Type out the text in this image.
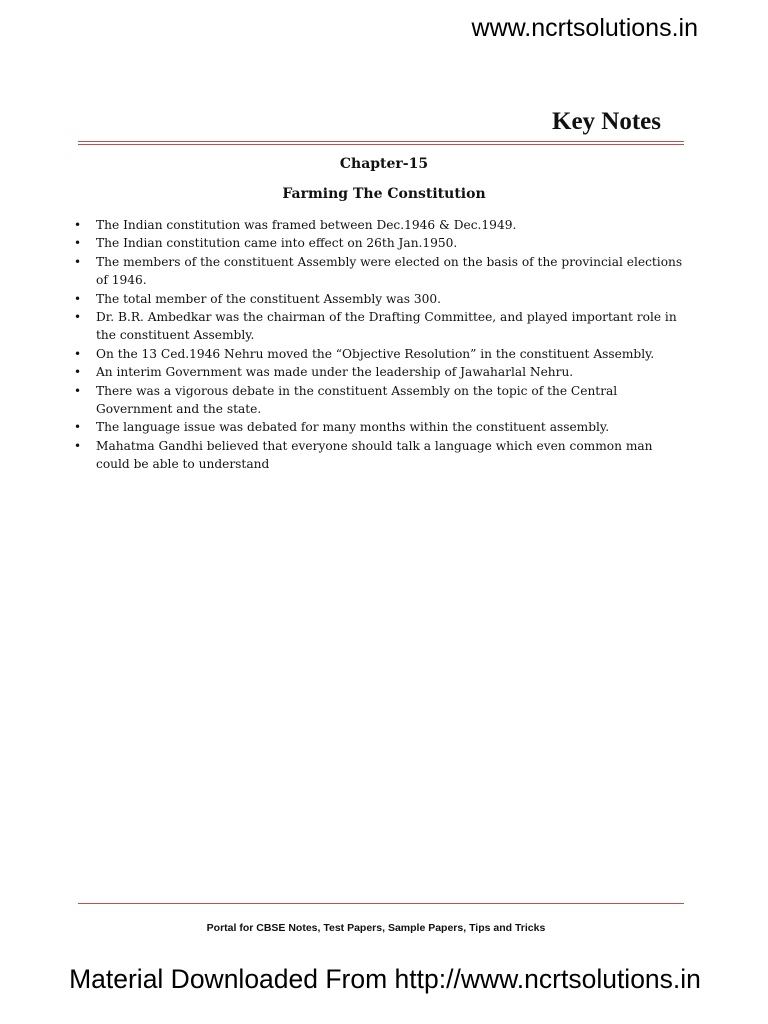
www.ncrtsolutions.in
Key Notes
Chapter-15
Farming The Constitution
• The Indian constitution was framed between Dec.1946 & Dec.1949.
• The Indian constitution came into effect on 26th Jan.1950.
• The members of the constituent Assembly were elected on the basis of the provincial elections of 1946.
• The total member of the constituent Assembly was 300.
• Dr. B.R. Ambedkar was the chairman of the Drafting Committee, and played important role in the constituent Assembly.
• On the 13 Ced.1946 Nehru moved the “Objective Resolution” in the constituent Assembly.
• An interim Government was made under the leadership of Jawaharlal Nehru.
• There was a vigorous debate in the constituent Assembly on the topic of the Central Government and the state.
• The language issue was debated for many months within the constituent assembly.
• Mahatma Gandhi believed that everyone should talk a language which even common man could be able to understand
Portal for CBSE Notes, Test Papers, Sample Papers, Tips and Tricks
Material Downloaded From http://www.ncrtsolutions.in
